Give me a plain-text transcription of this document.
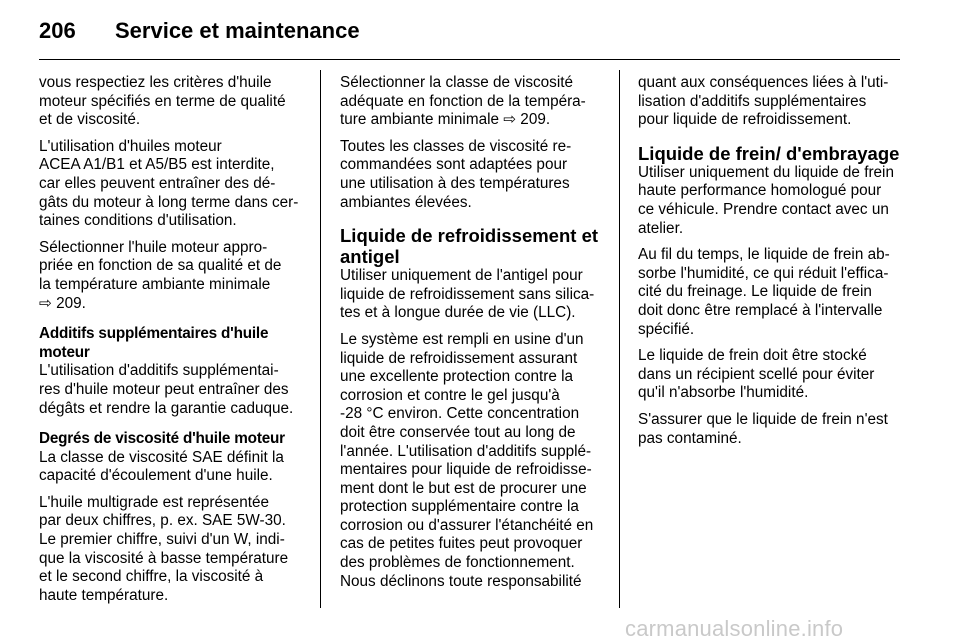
206	Service et maintenance

vous respectiez les critères d'huile
moteur spécifiés en terme de qualité
et de viscosité.

L'utilisation d'huiles moteur
ACEA A1/B1 et A5/B5 est interdite,
car elles peuvent entraîner des dé-
gâts du moteur à long terme dans cer-
taines conditions d'utilisation.

Sélectionner l'huile moteur appro-
priée en fonction de sa qualité et de
la température ambiante minimale
⇨ 209.

Additifs supplémentaires d'huile
moteur

L'utilisation d'additifs supplémentai-
res d'huile moteur peut entraîner des
dégâts et rendre la garantie caduque.

Degrés de viscosité d'huile moteur

La classe de viscosité SAE définit la
capacité d'écoulement d'une huile.

L'huile multigrade est représentée
par deux chiffres, p. ex. SAE 5W-30.
Le premier chiffre, suivi d'un W, indi-
que la viscosité à basse température
et le second chiffre, la viscosité à
haute température.

Sélectionner la classe de viscosité
adéquate en fonction de la tempéra-
ture ambiante minimale ⇨ 209.

Toutes les classes de viscosité re-
commandées sont adaptées pour
une utilisation à des températures
ambiantes élevées.

Liquide de refroidissement et
antigel

Utiliser uniquement de l'antigel pour
liquide de refroidissement sans silica-
tes et à longue durée de vie (LLC).

Le système est rempli en usine d'un
liquide de refroidissement assurant
une excellente protection contre la
corrosion et contre le gel jusqu'à
-28 °C environ. Cette concentration
doit être conservée tout au long de
l'année. L'utilisation d'additifs supplé-
mentaires pour liquide de refroidisse-
ment dont le but est de procurer une
protection supplémentaire contre la
corrosion ou d'assurer l'étanchéité en
cas de petites fuites peut provoquer
des problèmes de fonctionnement.
Nous déclinons toute responsabilité

quant aux conséquences liées à l'uti-
lisation d'additifs supplémentaires
pour liquide de refroidissement.

Liquide de frein/ d'embrayage

Utiliser uniquement du liquide de frein
haute performance homologué pour
ce véhicule. Prendre contact avec un
atelier.

Au fil du temps, le liquide de frein ab-
sorbe l'humidité, ce qui réduit l'effica-
cité du freinage. Le liquide de frein
doit donc être remplacé à l'intervalle
spécifié.

Le liquide de frein doit être stocké
dans un récipient scellé pour éviter
qu'il n'absorbe l'humidité.

S'assurer que le liquide de frein n'est
pas contaminé.

carmanualsonline.info
